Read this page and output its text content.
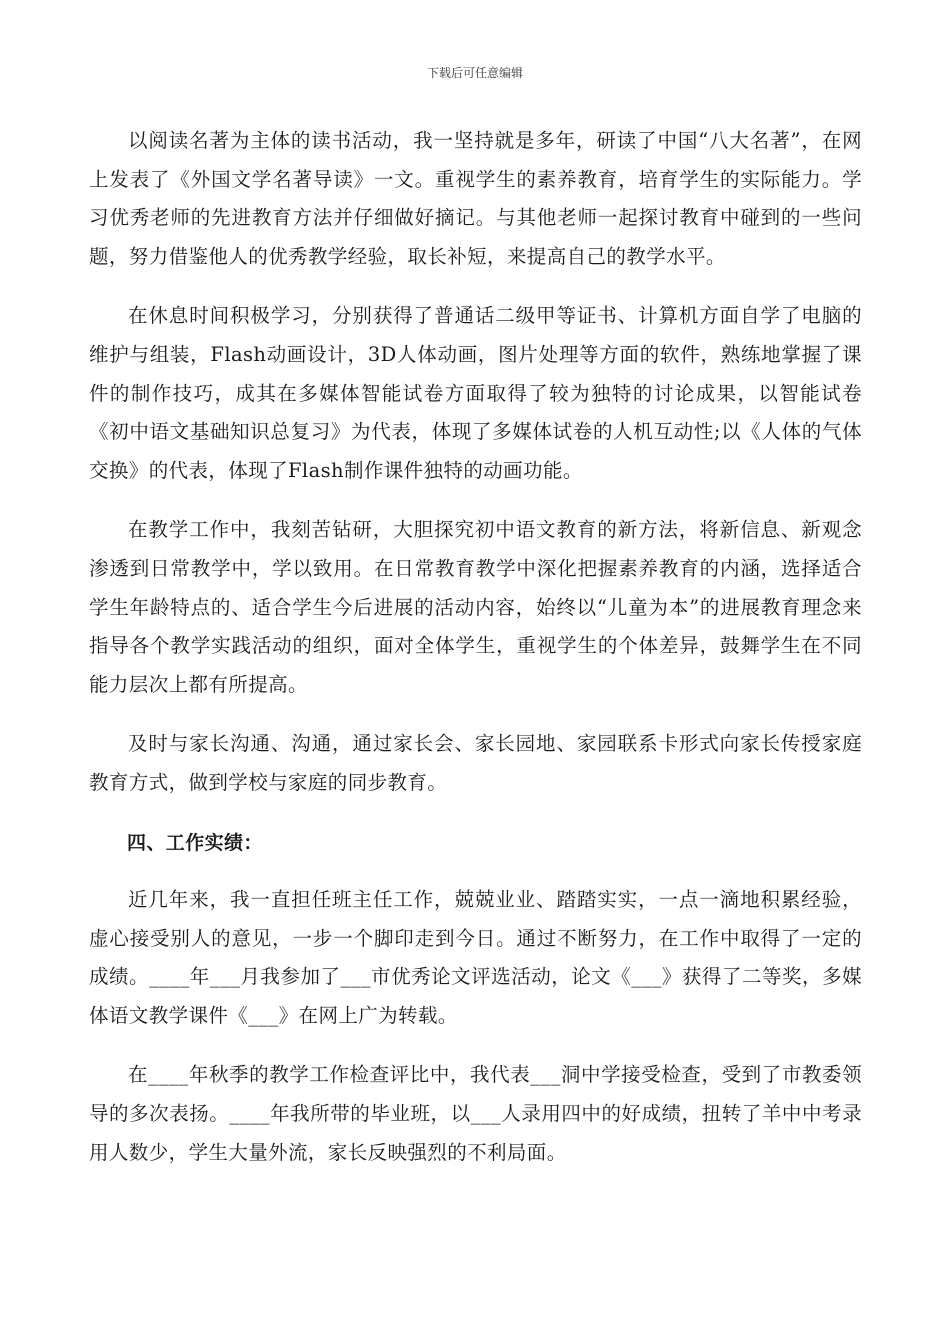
下载后可任意编辑

以阅读名著为主体的读书活动，我一坚持就是多年，研读了中国“八大名著”，在网上发表了《外国文学名著导读》一文。重视学生的素养教育，培育学生的实际能力。学习优秀老师的先进教育方法并仔细做好摘记。与其他老师一起探讨教育中碰到的一些问题，努力借鉴他人的优秀教学经验，取长补短，来提高自己的教学水平。

在休息时间积极学习，分别获得了普通话二级甲等证书、计算机方面自学了电脑的维护与组装，Flash动画设计，3D人体动画，图片处理等方面的软件，熟练地掌握了课件的制作技巧，成其在多媒体智能试卷方面取得了较为独特的讨论成果，以智能试卷《初中语文基础知识总复习》为代表，体现了多媒体试卷的人机互动性;以《人体的气体交换》的代表，体现了Flash制作课件独特的动画功能。

在教学工作中，我刻苦钻研，大胆探究初中语文教育的新方法，将新信息、新观念渗透到日常教学中，学以致用。在日常教育教学中深化把握素养教育的内涵，选择适合学生年龄特点的、适合学生今后进展的活动内容，始终以“儿童为本”的进展教育理念来指导各个教学实践活动的组织，面对全体学生，重视学生的个体差异，鼓舞学生在不同能力层次上都有所提高。

及时与家长沟通、沟通，通过家长会、家长园地、家园联系卡形式向家长传授家庭教育方式，做到学校与家庭的同步教育。

四、工作实绩：

近几年来，我一直担任班主任工作，兢兢业业、踏踏实实，一点一滴地积累经验，虚心接受别人的意见，一步一个脚印走到今日。通过不断努力，在工作中取得了一定的成绩。____年___月我参加了___市优秀论文评选活动，论文《___》获得了二等奖，多媒体语文教学课件《___》在网上广为转载。

在____年秋季的教学工作检查评比中，我代表___洞中学接受检查，受到了市教委领导的多次表扬。____年我所带的毕业班，以___人录用四中的好成绩，扭转了羊中中考录用人数少，学生大量外流，家长反映强烈的不利局面。
